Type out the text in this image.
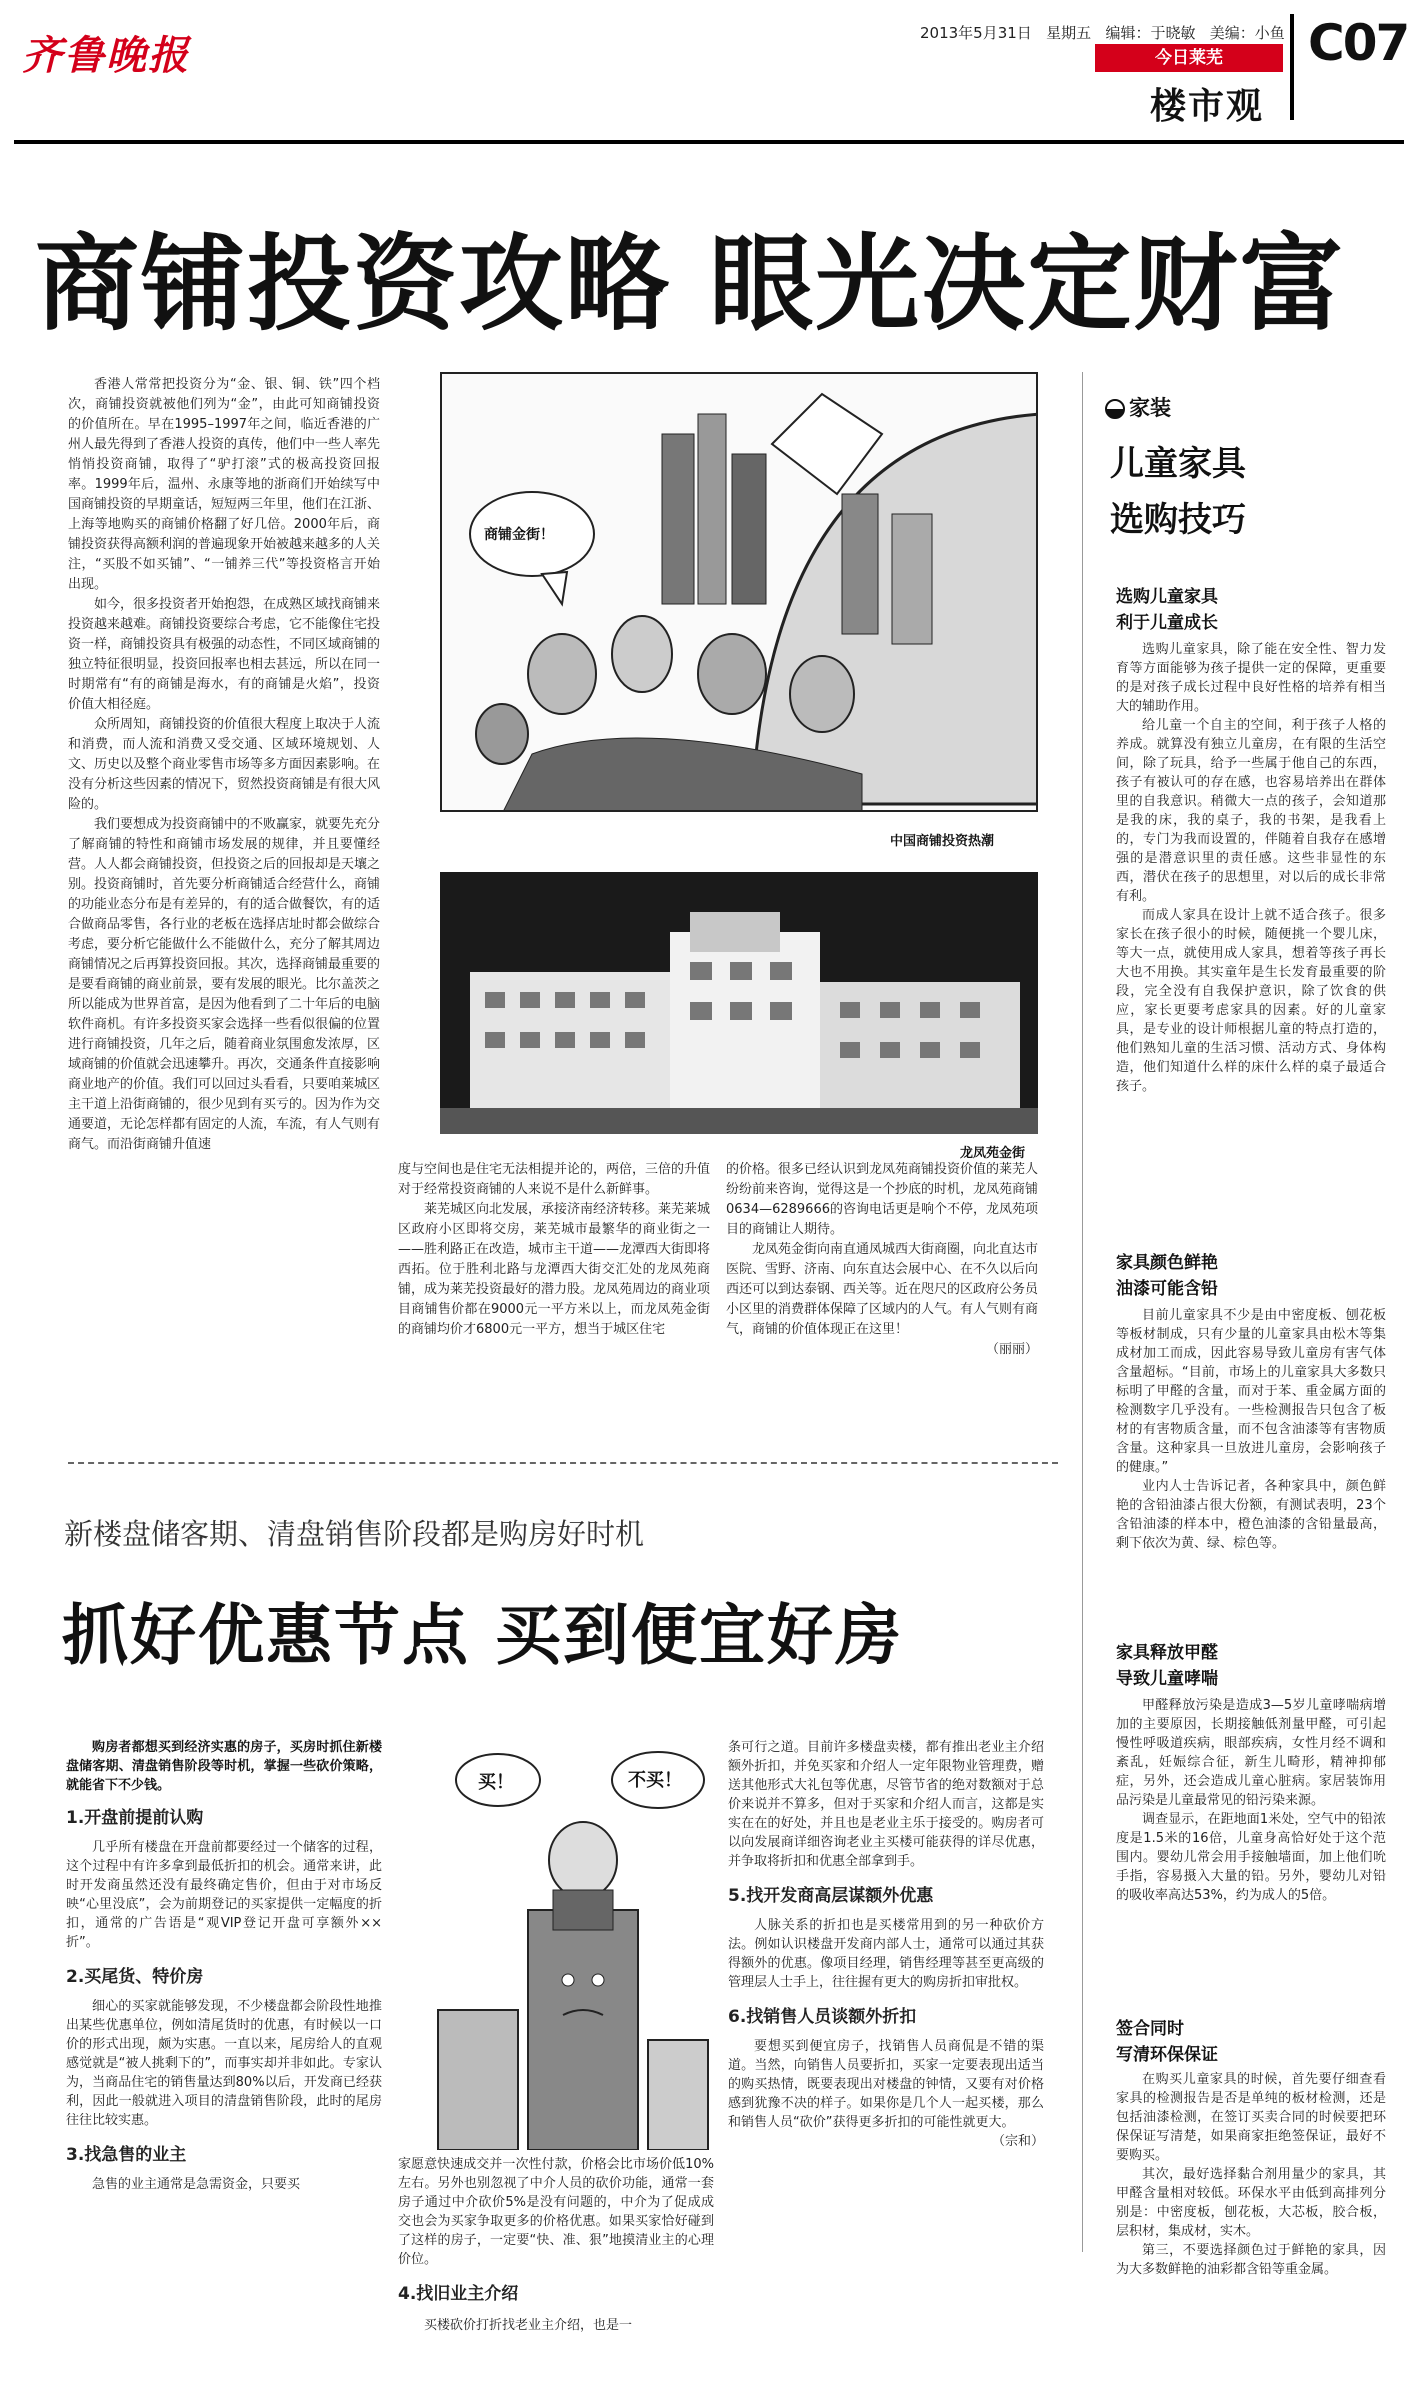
齐鲁晚报	2013年5月31日 星期五 编辑：于晓敏 美编：小鱼
今日莱芜
楼市观
C07
商铺投资攻略 眼光决定财富

香港人常常把投资分为“金、银、铜、铁”四个档次，商铺投资就被他们列为“金”，由此可知商铺投资的价值所在。早在1995–1997年之间，临近香港的广州人最先得到了香港人投资的真传，他们中一些人率先悄悄投资商铺，取得了“驴打滚”式的极高投资回报率。1999年后，温州、永康等地的浙商们开始续写中国商铺投资的早期童话，短短两三年里，他们在江浙、上海等地购买的商铺价格翻了好几倍。2000年后，商铺投资获得高额利润的普遍现象开始被越来越多的人关注，“买股不如买铺”、“一铺养三代”等投资格言开始出现。

如今，很多投资者开始抱怨，在成熟区域找商铺来投资越来越难。商铺投资要综合考虑，它不能像住宅投资一样，商铺投资具有极强的动态性，不同区域商铺的独立特征很明显，投资回报率也相去甚远，所以在同一时期常有“有的商铺是海水，有的商铺是火焰”，投资价值大相径庭。

众所周知，商铺投资的价值很大程度上取决于人流和消费，而人流和消费又受交通、区域环境规划、人文、历史以及整个商业零售市场等多方面因素影响。在没有分析这些因素的情况下，贸然投资商铺是有很大风险的。

我们要想成为投资商铺中的不败赢家，就要先充分了解商铺的特性和商铺市场发展的规律，并且要懂经营。人人都会商铺投资，但投资之后的回报却是天壤之别。投资商铺时，首先要分析商铺适合经营什么，商铺的功能业态分布是有差异的，有的适合做餐饮，有的适合做商品零售，各行业的老板在选择店址时都会做综合考虑，要分析它能做什么不能做什么，充分了解其周边商铺情况之后再算投资回报。其次，选择商铺最重要的是要看商铺的商业前景，要有发展的眼光。比尔盖茨之所以能成为世界首富，是因为他看到了二十年后的电脑软件商机。有许多投资买家会选择一些看似很偏的位置进行商铺投资，几年之后，随着商业氛围愈发浓厚，区域商铺的价值就会迅速攀升。再次，交通条件直接影响商业地产的价值。我们可以回过头看看，只要咱莱城区主干道上沿街商铺的，很少见到有买亏的。因为作为交通要道，无论怎样都有固定的人流，车流，有人气则有商气。而沿街商铺升值速

商铺金街！
中国商铺投资热潮
龙凤苑金街

度与空间也是住宅无法相提并论的，两倍，三倍的升值对于经常投资商铺的人来说不是什么新鲜事。

莱芜城区向北发展，承接济南经济转移。莱芜莱城区政府小区即将交房，莱芜城市最繁华的商业街之一——胜利路正在改造，城市主干道——龙潭西大街即将西拓。位于胜利北路与龙潭西大街交汇处的龙凤苑商铺，成为莱芜投资最好的潜力股。龙凤苑周边的商业项目商铺售价都在9000元一平方米以上，而龙凤苑金街的商铺均价才6800元一平方，想当于城区住宅

的价格。很多已经认识到龙凤苑商铺投资价值的莱芜人纷纷前来咨询，觉得这是一个抄底的时机，龙凤苑商铺0634—6289666的咨询电话更是响个不停，龙凤苑项目的商铺让人期待。

龙凤苑金街向南直通凤城西大街商圈，向北直达市医院、雪野、济南、向东直达会展中心、在不久以后向西还可以到达泰钢、西关等。近在咫尺的区政府公务员小区里的消费群体保障了区域内的人气。有人气则有商气，商铺的价值体现正在这里！

（丽丽）
家装
儿童家具
选购技巧
选购儿童家具
利于儿童成长

选购儿童家具，除了能在安全性、智力发育等方面能够为孩子提供一定的保障，更重要的是对孩子成长过程中良好性格的培养有相当大的辅助作用。

给儿童一个自主的空间，利于孩子人格的养成。就算没有独立儿童房，在有限的生活空间，除了玩具，给予一些属于他自己的东西，孩子有被认可的存在感，也容易培养出在群体里的自我意识。稍微大一点的孩子，会知道那是我的床，我的桌子，我的书架，是我看上的，专门为我而设置的，伴随着自我存在感增强的是潜意识里的责任感。这些非显性的东西，潜伏在孩子的思想里，对以后的成长非常有利。

而成人家具在设计上就不适合孩子。很多家长在孩子很小的时候，随便挑一个婴儿床，等大一点，就使用成人家具，想着等孩子再长大也不用换。其实童年是生长发育最重要的阶段，完全没有自我保护意识，除了饮食的供应，家长更要考虑家具的因素。好的儿童家具，是专业的设计师根据儿童的特点打造的，他们熟知儿童的生活习惯、活动方式、身体构造，他们知道什么样的床什么样的桌子最适合孩子。

家具颜色鲜艳
油漆可能含铅

目前儿童家具不少是由中密度板、刨花板等板材制成，只有少量的儿童家具由松木等集成材加工而成，因此容易导致儿童房有害气体含量超标。“目前，市场上的儿童家具大多数只标明了甲醛的含量，而对于苯、重金属方面的检测数字几乎没有。一些检测报告只包含了板材的有害物质含量，而不包含油漆等有害物质含量。这种家具一旦放进儿童房，会影响孩子的健康。”

业内人士告诉记者，各种家具中，颜色鲜艳的含铅油漆占很大份额，有测试表明，23个含铅油漆的样本中，橙色油漆的含铅量最高，剩下依次为黄、绿、棕色等。

家具释放甲醛
导致儿童哮喘

甲醛释放污染是造成3—5岁儿童哮喘病增加的主要原因，长期接触低剂量甲醛，可引起慢性呼吸道疾病，眼部疾病，女性月经不调和紊乱，妊娠综合征，新生儿畸形，精神抑郁症，另外，还会造成儿童心脏病。家居装饰用品污染是儿童最常见的铅污染来源。

调查显示，在距地面1米处，空气中的铅浓度是1.5米的16倍，儿童身高恰好处于这个范围内。婴幼儿常会用手接触墙面，加上他们吮手指，容易摄入大量的铅。另外，婴幼儿对铅的吸收率高达53%，约为成人的5倍。

签合同时
写清环保保证

在购买儿童家具的时候，首先要仔细查看家具的检测报告是否是单纯的板材检测，还是包括油漆检测，在签订买卖合同的时候要把环保保证写清楚，如果商家拒绝签保证，最好不要购买。

其次，最好选择黏合剂用量少的家具，其甲醛含量相对较低。环保水平由低到高排列分别是：中密度板，刨花板，大芯板，胶合板，层积材，集成材，实木。

第三，不要选择颜色过于鲜艳的家具，因为大多数鲜艳的油彩都含铅等重金属。

新楼盘储客期、清盘销售阶段都是购房好时机
抓好优惠节点 买到便宜好房
购房者都想买到经济实惠的房子，买房时抓住新楼盘储客期、清盘销售阶段等时机，掌握一些砍价策略，就能省下不少钱。
1.开盘前提前认购

几乎所有楼盘在开盘前都要经过一个储客的过程，这个过程中有许多拿到最低折扣的机会。通常来讲，此时开发商虽然还没有最终确定售价，但由于对市场反映“心里没底”，会为前期登记的买家提供一定幅度的折扣，通常的广告语是“观VIP登记开盘可享额外×× 折”。

2.买尾货、特价房

细心的买家就能够发现，不少楼盘都会阶段性地推出某些优惠单位，例如清尾货时的优惠，有时候以一口价的形式出现，颇为实惠。一直以来，尾房给人的直观感觉就是“被人挑剩下的”，而事实却并非如此。专家认为，当商品住宅的销售量达到80%以后，开发商已经获利，因此一般就进入项目的清盘销售阶段，此时的尾房往往比较实惠。

3.找急售的业主

急售的业主通常是急需资金，只要买

买！	不买！

家愿意快速成交并一次性付款，价格会比市场价低10%左右。另外也别忽视了中介人员的砍价功能，通常一套房子通过中介砍价5%是没有问题的，中介为了促成成交也会为买家争取更多的价格优惠。如果买家恰好碰到了这样的房子，一定要“快、准、狠”地摸清业主的心理价位。

4.找旧业主介绍

买楼砍价打折找老业主介绍，也是一

条可行之道。目前许多楼盘卖楼，都有推出老业主介绍额外折扣，并免买家和介绍人一定年限物业管理费，赠送其他形式大礼包等优惠，尽管节省的绝对数额对于总价来说并不算多，但对于买家和介绍人而言，这都是实实在在的好处，并且也是老业主乐于接受的。购房者可以向发展商详细咨询老业主买楼可能获得的详尽优惠，并争取将折扣和优惠全部拿到手。

5.找开发商高层谋额外优惠

人脉关系的折扣也是买楼常用到的另一种砍价方法。例如认识楼盘开发商内部人士，通常可以通过其获得额外的优惠。像项目经理，销售经理等甚至更高级的管理层人士手上，往往握有更大的购房折扣审批权。

6.找销售人员谈额外折扣

要想买到便宜房子，找销售人员商侃是不错的渠道。当然，向销售人员要折扣，买家一定要表现出适当的购买热情，既要表现出对楼盘的钟情，又要有对价格感到犹豫不决的样子。如果你是几个人一起买楼，那么和销售人员“砍价”获得更多折扣的可能性就更大。

（宗和）
